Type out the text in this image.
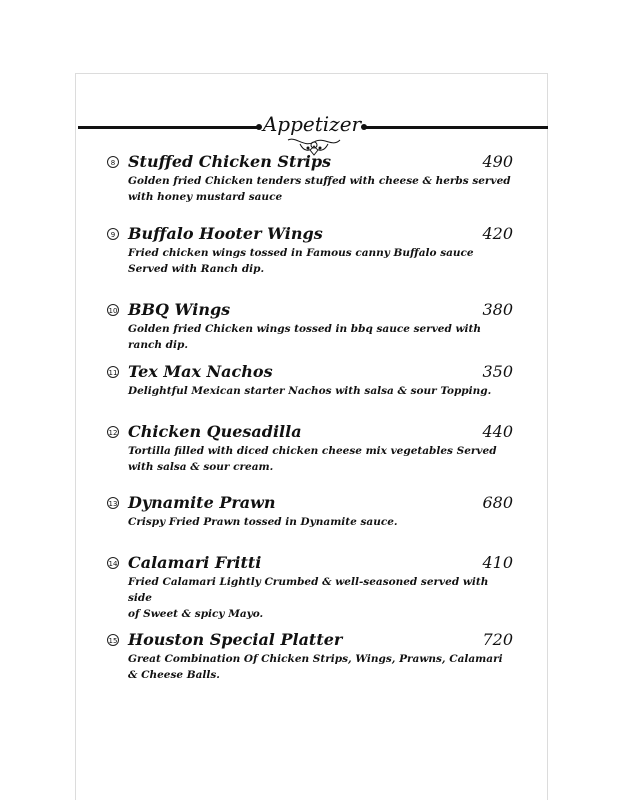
Appetizer
8 Stuffed Chicken Strips	490
Golden fried Chicken tenders stuffed with cheese & herbs served
with honey mustard sauce
9 Buffalo Hooter Wings	420
Fried chicken wings tossed in Famous canny Buffalo sauce
Served with Ranch dip.
10 BBQ Wings	380
Golden fried Chicken wings tossed in bbq sauce served with ranch dip.
11 Tex Max Nachos	350
Delightful Mexican starter Nachos with salsa & sour Topping.
12 Chicken Quesadilla	440
Tortilla filled with diced chicken cheese mix vegetables Served
with salsa & sour cream.
13 Dynamite Prawn	680
Crispy Fried Prawn tossed in Dynamite sauce.
14 Calamari Fritti	410
Fried Calamari Lightly Crumbed & well-seasoned served with side
of Sweet & spicy Mayo.
15 Houston Special Platter	720
Great Combination Of Chicken Strips, Wings, Prawns, Calamari
& Cheese Balls.
